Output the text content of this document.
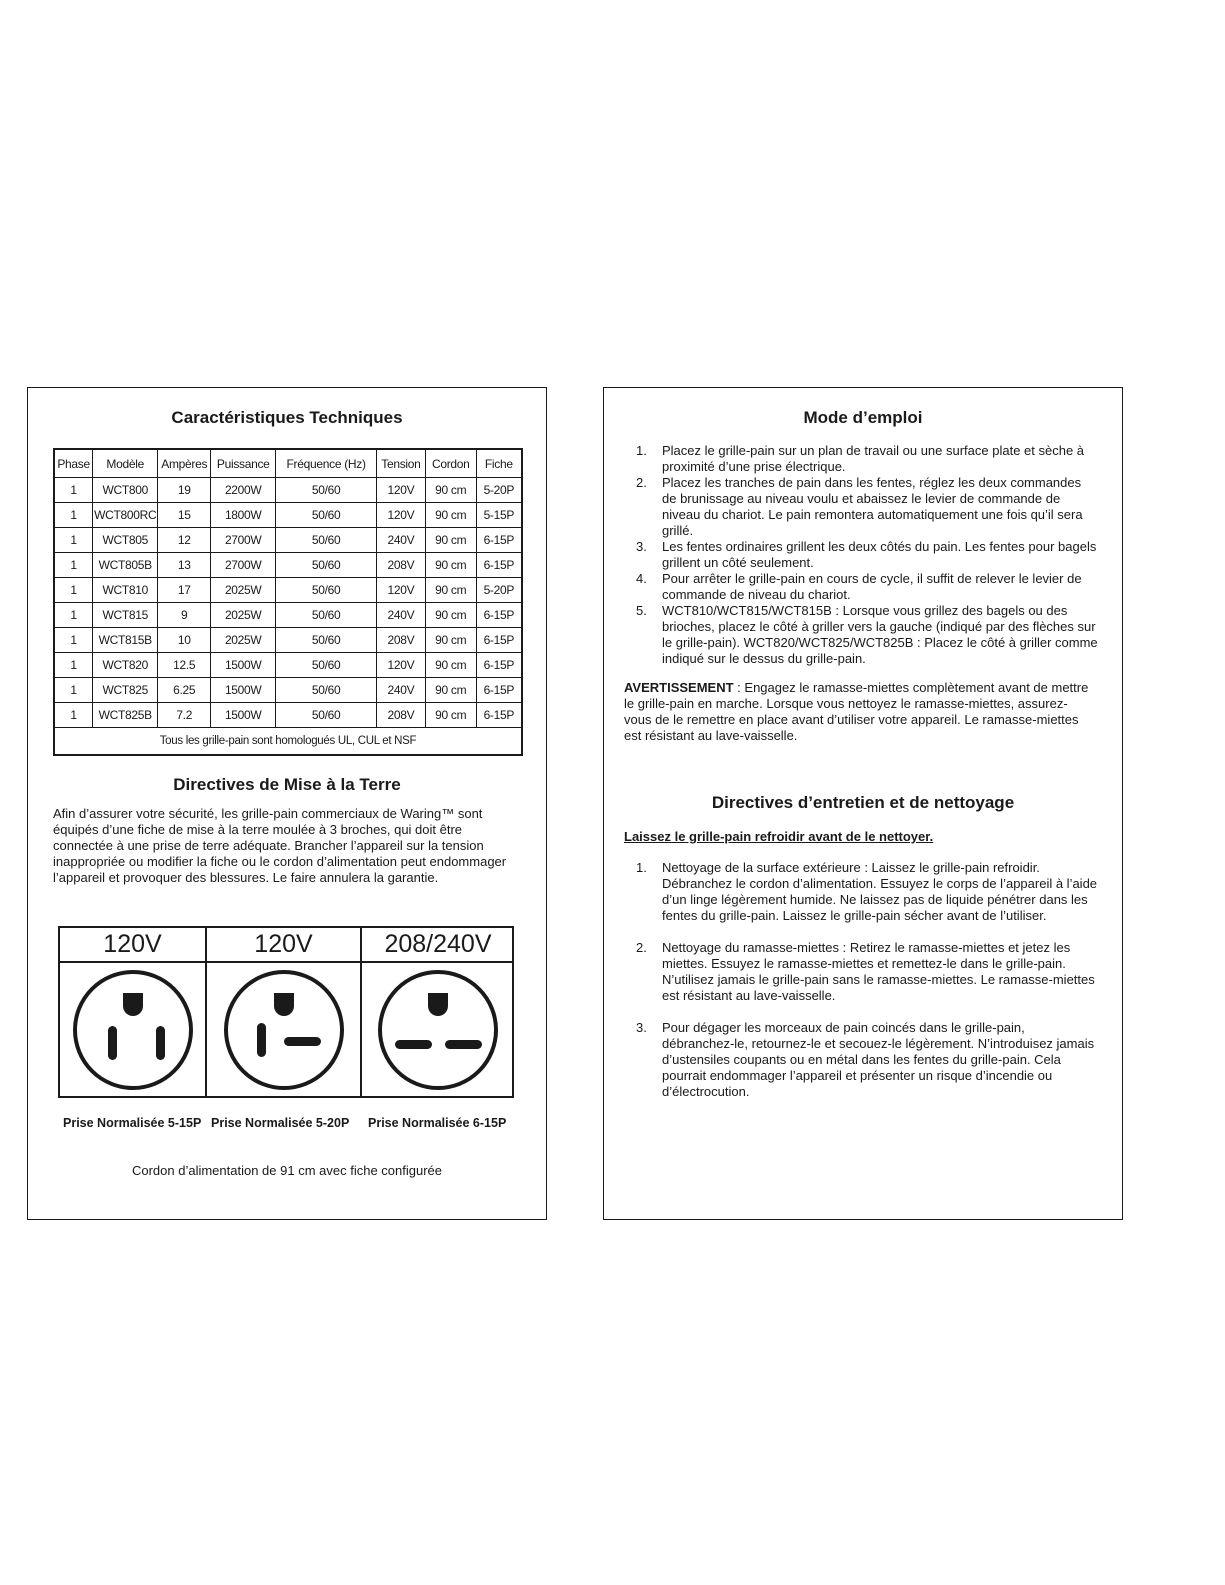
Caractéristiques Techniques
Phase	Modèle	Ampères	Puissance	Fréquence (Hz)	Tension	Cordon	Fiche
1	WCT800	19	2200W	50/60	120V	90 cm	5-20P
1	WCT800RC	15	1800W	50/60	120V	90 cm	5-15P
1	WCT805	12	2700W	50/60	240V	90 cm	6-15P
1	WCT805B	13	2700W	50/60	208V	90 cm	6-15P
1	WCT810	17	2025W	50/60	120V	90 cm	5-20P
1	WCT815	9	2025W	50/60	240V	90 cm	6-15P
1	WCT815B	10	2025W	50/60	208V	90 cm	6-15P
1	WCT820	12.5	1500W	50/60	120V	90 cm	6-15P
1	WCT825	6.25	1500W	50/60	240V	90 cm	6-15P
1	WCT825B	7.2	1500W	50/60	208V	90 cm	6-15P
Tous les grille-pain sont homologués UL, CUL et NSF							
Directives de Mise à la Terre

Afin d’assurer votre sécurité, les grille-pain commerciaux de Waring™ sont équipés d’une fiche de mise à la terre moulée à 3 broches, qui doit être connectée à une prise de terre adéquate. Brancher l’appareil sur la tension inappropriée ou modifier la fiche ou le cordon d’alimentation peut endommager l’appareil et provoquer des blessures. Le faire annulera la garantie.

120V	120V	208/240V
Prise Normalisée 5-15P Prise Normalisée 5-20P Prise Normalisée 6-15P

Cordon d’alimentation de 91 cm avec fiche configurée

Mode d’emploi
1. Placez le grille-pain sur un plan de travail ou une surface plate et sèche à proximité d’une prise électrique.
2. Placez les tranches de pain dans les fentes, réglez les deux commandes de brunissage au niveau voulu et abaissez le levier de commande de niveau du chariot. Le pain remontera automatiquement une fois qu’il sera grillé.
3. Les fentes ordinaires grillent les deux côtés du pain. Les fentes pour bagels grillent un côté seulement.
4. Pour arrêter le grille-pain en cours de cycle, il suffit de relever le levier de commande de niveau du chariot.
5. WCT810/WCT815/WCT815B : Lorsque vous grillez des bagels ou des brioches, placez le côté à griller vers la gauche (indiqué par des flèches sur le grille-pain). WCT820/WCT825/WCT825B : Placez le côté à griller comme indiqué sur le dessus du grille-pain.

AVERTISSEMENT : Engagez le ramasse-miettes complètement avant de mettre le grille-pain en marche. Lorsque vous nettoyez le ramasse-miettes, assurez-vous de le remettre en place avant d’utiliser votre appareil. Le ramasse-miettes est résistant au lave-vaisselle.

Directives d’entretien et de nettoyage

Laissez le grille-pain refroidir avant de le nettoyer.

1. Nettoyage de la surface extérieure : Laissez le grille-pain refroidir. Débranchez le cordon d’alimentation. Essuyez le corps de l’appareil à l’aide d’un linge légèrement humide. Ne laissez pas de liquide pénétrer dans les fentes du grille-pain. Laissez le grille-pain sécher avant de l’utiliser.
2. Nettoyage du ramasse-miettes : Retirez le ramasse-miettes et jetez les miettes. Essuyez le ramasse-miettes et remettez-le dans le grille-pain. N’utilisez jamais le grille-pain sans le ramasse-miettes. Le ramasse-miettes est résistant au lave-vaisselle.
3. Pour dégager les morceaux de pain coincés dans le grille-pain, débranchez-le, retournez-le et secouez-le légèrement. N’introduisez jamais d’ustensiles coupants ou en métal dans les fentes du grille-pain. Cela pourrait endommager l’appareil et présenter un risque d’incendie ou d’électrocution.
